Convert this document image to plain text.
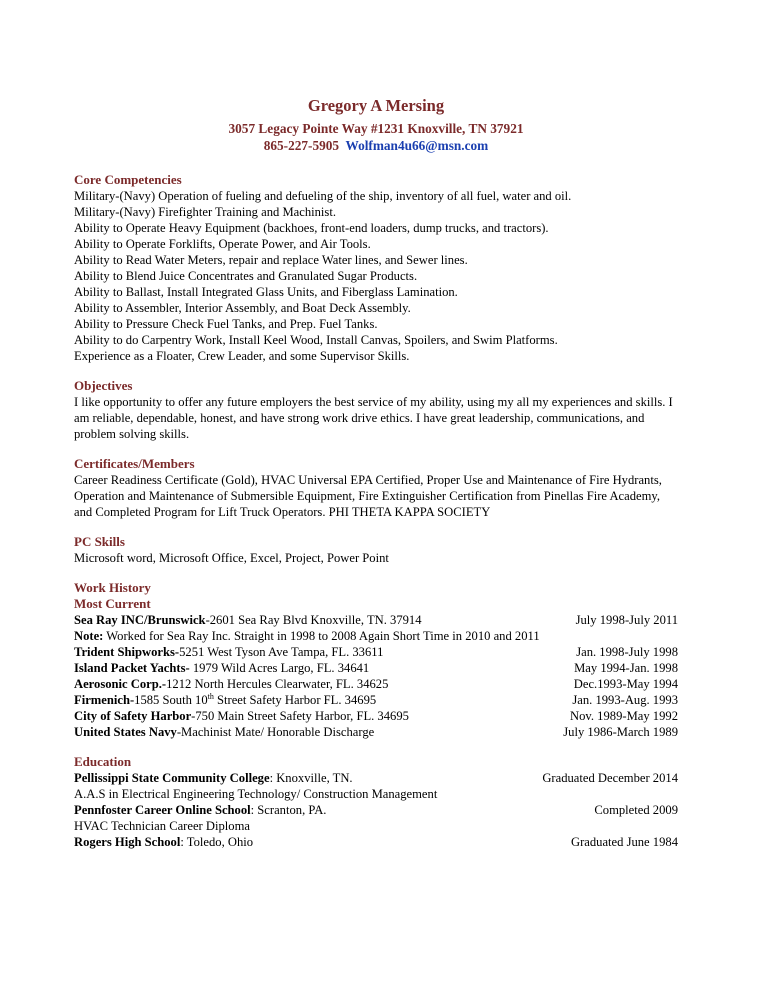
Gregory A Mersing
3057 Legacy Pointe Way #1231 Knoxville, TN 37921
865-227-5905 Wolfman4u66@msn.com
Core Competencies
Military-(Navy) Operation of fueling and defueling of the ship, inventory of all fuel, water and oil.
Military-(Navy) Firefighter Training and Machinist.
Ability to Operate Heavy Equipment (backhoes, front-end loaders, dump trucks, and tractors).
Ability to Operate Forklifts, Operate Power, and Air Tools.
Ability to Read Water Meters, repair and replace Water lines, and Sewer lines.
Ability to Blend Juice Concentrates and Granulated Sugar Products.
Ability to Ballast, Install Integrated Glass Units, and Fiberglass Lamination.
Ability to Assembler, Interior Assembly, and Boat Deck Assembly.
Ability to Pressure Check Fuel Tanks, and Prep. Fuel Tanks.
Ability to do Carpentry Work, Install Keel Wood, Install Canvas, Spoilers, and Swim Platforms.
Experience as a Floater, Crew Leader, and some Supervisor Skills.
Objectives
I like opportunity to offer any future employers the best service of my ability, using my all my experiences and skills. I am reliable, dependable, honest, and have strong work drive ethics. I have great leadership, communications, and problem solving skills.
Certificates/Members
Career Readiness Certificate (Gold), HVAC Universal EPA Certified, Proper Use and Maintenance of Fire Hydrants, Operation and Maintenance of Submersible Equipment, Fire Extinguisher Certification from Pinellas Fire Academy, and Completed Program for Lift Truck Operators. PHI THETA KAPPA SOCIETY
PC Skills
Microsoft word, Microsoft Office, Excel, Project, Power Point
Work History
Most Current
Sea Ray INC/Brunswick-2601 Sea Ray Blvd Knoxville, TN. 37914	July 1998-July 2011
Note: Worked for Sea Ray Inc. Straight in 1998 to 2008 Again Short Time in 2010 and 2011
Trident Shipworks-5251 West Tyson Ave Tampa, FL. 33611	Jan. 1998-July 1998
Island Packet Yachts- 1979 Wild Acres Largo, FL. 34641	May 1994-Jan. 1998
Aerosonic Corp.-1212 North Hercules Clearwater, FL. 34625	Dec.1993-May 1994
Firmenich-1585 South 10th Street Safety Harbor FL. 34695	Jan. 1993-Aug. 1993
City of Safety Harbor-750 Main Street Safety Harbor, FL. 34695	Nov. 1989-May 1992
United States Navy-Machinist Mate/ Honorable Discharge	July 1986-March 1989
Education
Pellissippi State Community College: Knoxville, TN.	Graduated December 2014
A.A.S in Electrical Engineering Technology/ Construction Management
Pennfoster Career Online School: Scranton, PA.	Completed 2009
HVAC Technician Career Diploma
Rogers High School: Toledo, Ohio	Graduated June 1984
